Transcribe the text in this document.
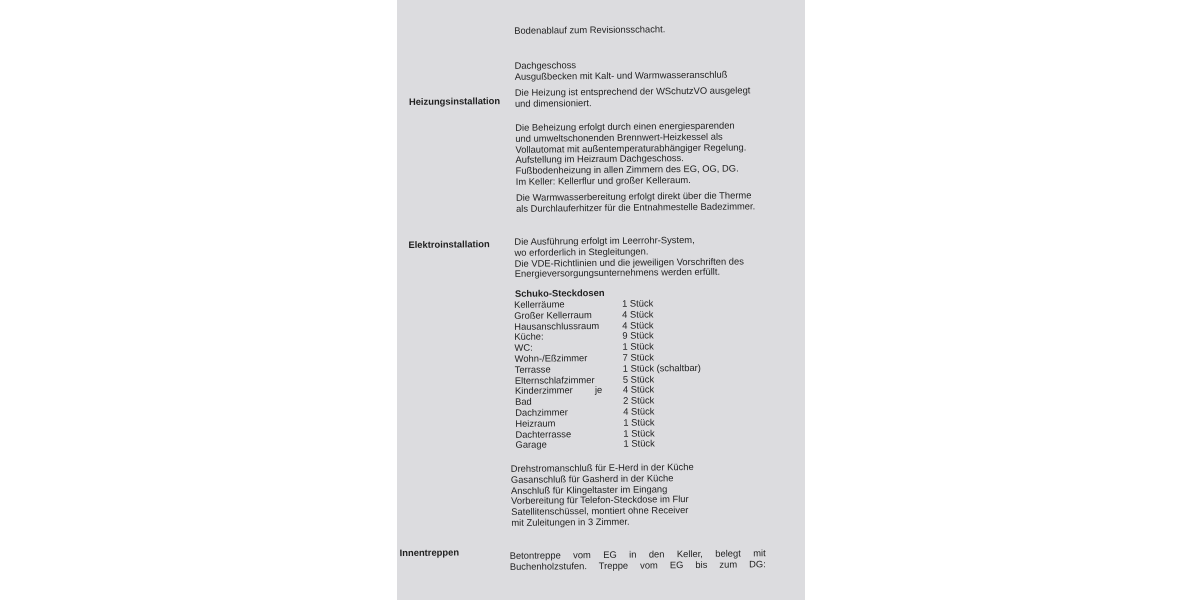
Bodenablauf zum Revisionsschacht.
Dachgeschoss
Ausgußbecken mit Kalt- und Warmwasseranschluß
Heizungsinstallation
Die Heizung ist entsprechend der WSchutzVO ausgelegt
und dimensioniert.
Die Beheizung erfolgt durch einen energiesparenden
und umweltschonenden Brennwert-Heizkessel als
Vollautomat mit außentemperaturabhängiger Regelung.
Aufstellung im Heizraum Dachgeschoss.
Fußbodenheizung in allen Zimmern des EG, OG, DG.
Im Keller: Kellerflur und großer Kelleraum.
Die Warmwasserbereitung erfolgt direkt über die Therme
als Durchlauferhitzer für die Entnahmestelle Badezimmer.
Elektroinstallation	Die Ausführung erfolgt im Leerrohr-System,
wo erforderlich in Stegleitungen.
Die VDE-Richtlinien und die jeweiligen Vorschriften des
Energieversorgungsunternehmens werden erfüllt.
Schuko-Steckdosen
Kellerräume	1 Stück
Großer Kellerraum	4 Stück
Hausanschlussraum 4 Stück
Küche:	9 Stück
WC:	1 Stück
Wohn-/Eßzimmer	7 Stück
Terrasse	1 Stück (schaltbar)
Elternschlafzimmer	5 Stück
Kinderzimmer je 4 Stück
Bad	2 Stück
Dachzimmer	4 Stück
Heizraum	1 Stück
Dachterrasse	1 Stück
Garage	1 Stück
Drehstromanschluß für E-Herd in der Küche
Gasanschluß für Gasherd in der Küche
Anschluß für Klingeltaster im Eingang
Vorbereitung für Telefon-Steckdose im Flur
Satellitenschüssel, montiert ohne Receiver
mit Zuleitungen in 3 Zimmer.
Innentreppen	Betontreppe vom EG in den Keller, belegt mit
Buchenholzstufen. Treppe vom EG bis zum DG:
